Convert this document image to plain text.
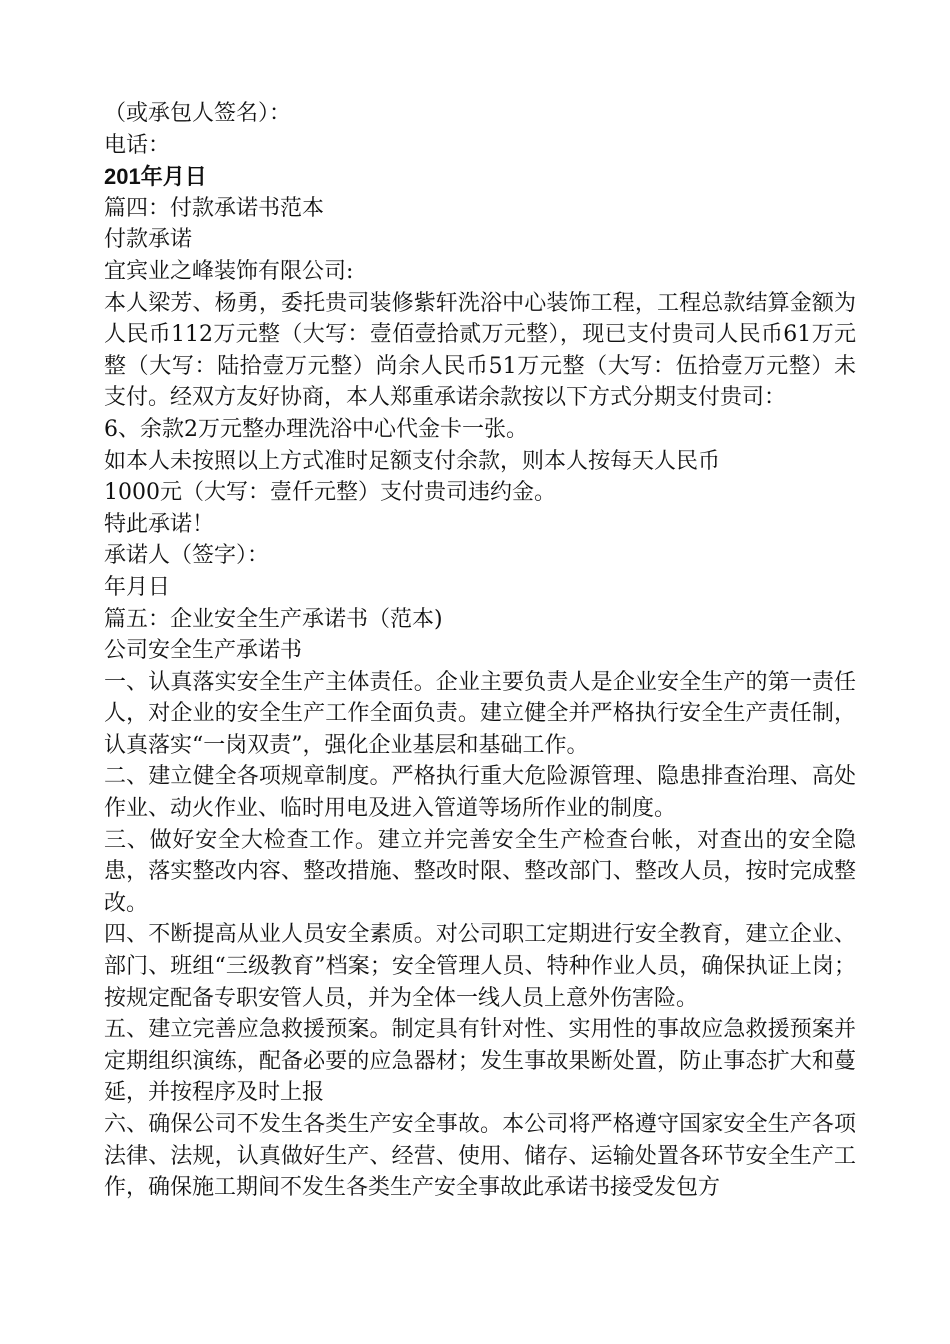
（或承包人签名）：
电话：
201年月日
篇四：付款承诺书范本
付款承诺
宜宾业之峰装饰有限公司:
本人梁芳、杨勇，委托贵司装修紫轩洗浴中心装饰工程，工程总款结算金额为人民币112万元整（大写：壹佰壹拾贰万元整），现已支付贵司人民币61万元整（大写：陆拾壹万元整）尚余人民币51万元整（大写：伍拾壹万元整）未支付。经双方友好协商，本人郑重承诺余款按以下方式分期支付贵司：
6、余款2万元整办理洗浴中心代金卡一张。
如本人未按照以上方式准时足额支付余款，则本人按每天人民币
1000元（大写：壹仟元整）支付贵司违约金。
特此承诺！
承诺人（签字）：
年月日
篇五：企业安全生产承诺书（范本)
公司安全生产承诺书
一、认真落实安全生产主体责任。企业主要负责人是企业安全生产的第一责任人，对企业的安全生产工作全面负责。建立健全并严格执行安全生产责任制，认真落实“一岗双责”，强化企业基层和基础工作。
二、建立健全各项规章制度。严格执行重大危险源管理、隐患排查治理、高处作业、动火作业、临时用电及进入管道等场所作业的制度。
三、做好安全大检查工作。建立并完善安全生产检查台帐，对查出的安全隐患，落实整改内容、整改措施、整改时限、整改部门、整改人员，按时完成整改。
四、不断提高从业人员安全素质。对公司职工定期进行安全教育，建立企业、部门、班组“三级教育”档案；安全管理人员、特种作业人员，确保执证上岗；按规定配备专职安管人员，并为全体一线人员上意外伤害险。
五、建立完善应急救援预案。制定具有针对性、实用性的事故应急救援预案并定期组织演练，配备必要的应急器材；发生事故果断处置，防止事态扩大和蔓延，并按程序及时上报
六、确保公司不发生各类生产安全事故。本公司将严格遵守国家安全生产各项法律、法规，认真做好生产、经营、使用、储存、运输处置各环节安全生产工作，确保施工期间不发生各类生产安全事故此承诺书接受发包方
